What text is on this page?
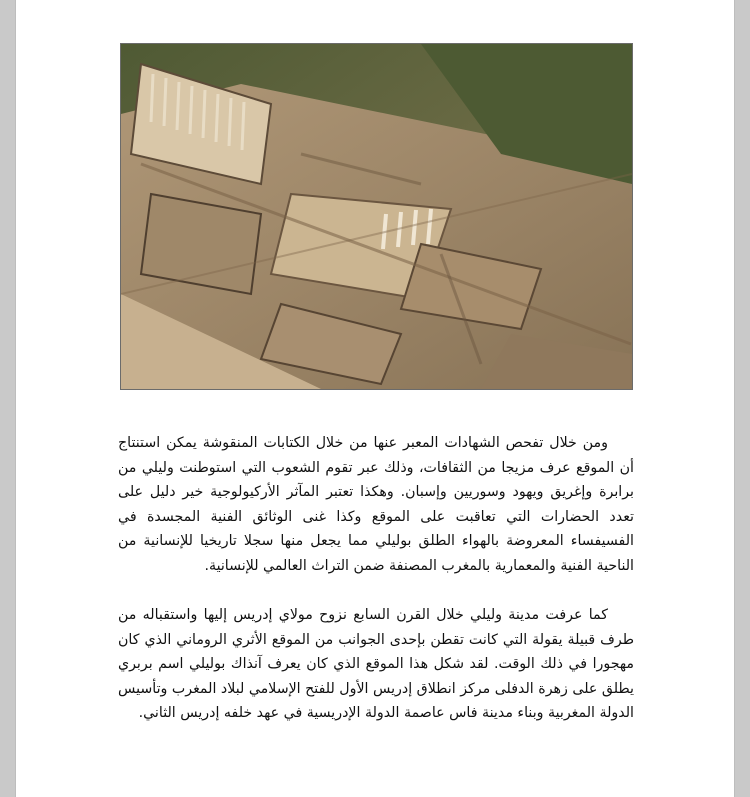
ومن خلال تفحص الشهادات المعبر عنها من خلال الكتابات المنقوشة يمكن استنتاج أن الموقع عرف مزيجا من الثقافات، وذلك عبر تقوم الشعوب التي استوطنت وليلي من برابرة وإغريق ويهود وسوريين وإسبان. وهكذا تعتبر المآثر الأركيولوجية خير دليل على تعدد الحضارات التي تعاقبت على الموقع وكذا غنى الوثائق الفنية المجسدة في الفسيفساء المعروضة بالهواء الطلق بوليلي مما يجعل منها سجلا تاريخيا للإنسانية من الناحية الفنية والمعمارية بالمغرب المصنفة ضمن التراث العالمي للإنسانية.

كما عرفت مدينة وليلي خلال القرن السابع نزوح مولاي إدريس إليها واستقباله من طرف قبيلة يقولة التي كانت تقطن بإحدى الجوانب من الموقع الأثري الروماني الذي كان مهجورا في ذلك الوقت. لقد شكل هذا الموقع الذي كان يعرف آنذاك بوليلي اسم بربري يطلق على زهرة الدفلى مركز انطلاق إدريس الأول للفتح الإسلامي لبلاد المغرب وتأسيس الدولة المغربية وبناء مدينة فاس عاصمة الدولة الإدريسية في عهد خلفه إدريس الثاني.
